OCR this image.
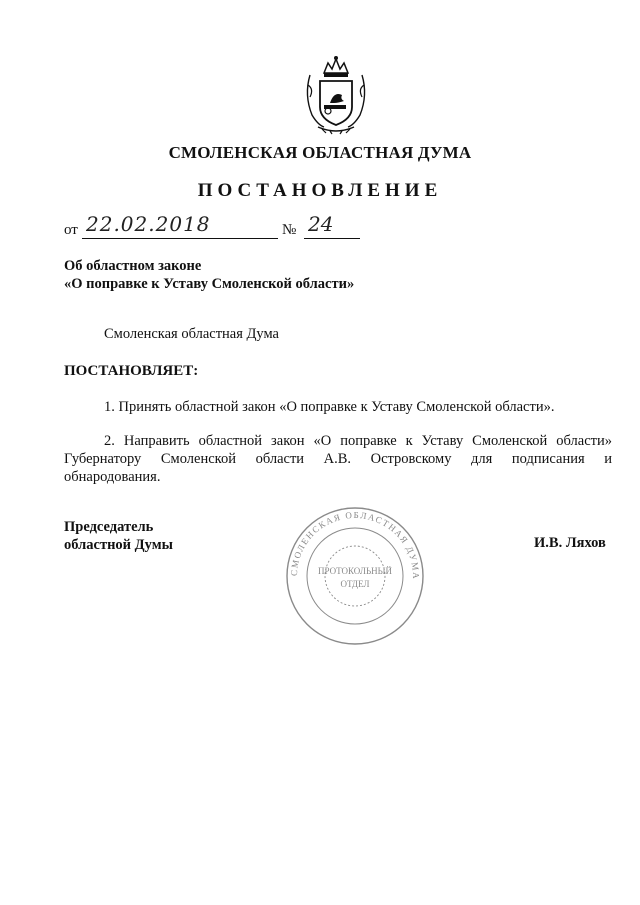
СМОЛЕНСКАЯ ОБЛАСТНАЯ ДУМА
ПОСТАНОВЛЕНИЕ
от 22.02.2018	№ 24
Об областном законе
«О поправке к Уставу Смоленской области»
Смоленская областная Дума
ПОСТАНОВЛЯЕТ:
1. Принять областной закон «О поправке к Уставу Смоленской области».
2. Направить областной закон «О поправке к Уставу Смоленской области»
Губернатору Смоленской области А.В. Островскому для подписания и
обнародования.
Председатель
областной Думы	И.В. Ляхов
СМОЛЕНСКАЯ ОБЛАСТНАЯ ДУМА
ПРОТОКОЛЬНЫЙ
ОТДЕЛ
